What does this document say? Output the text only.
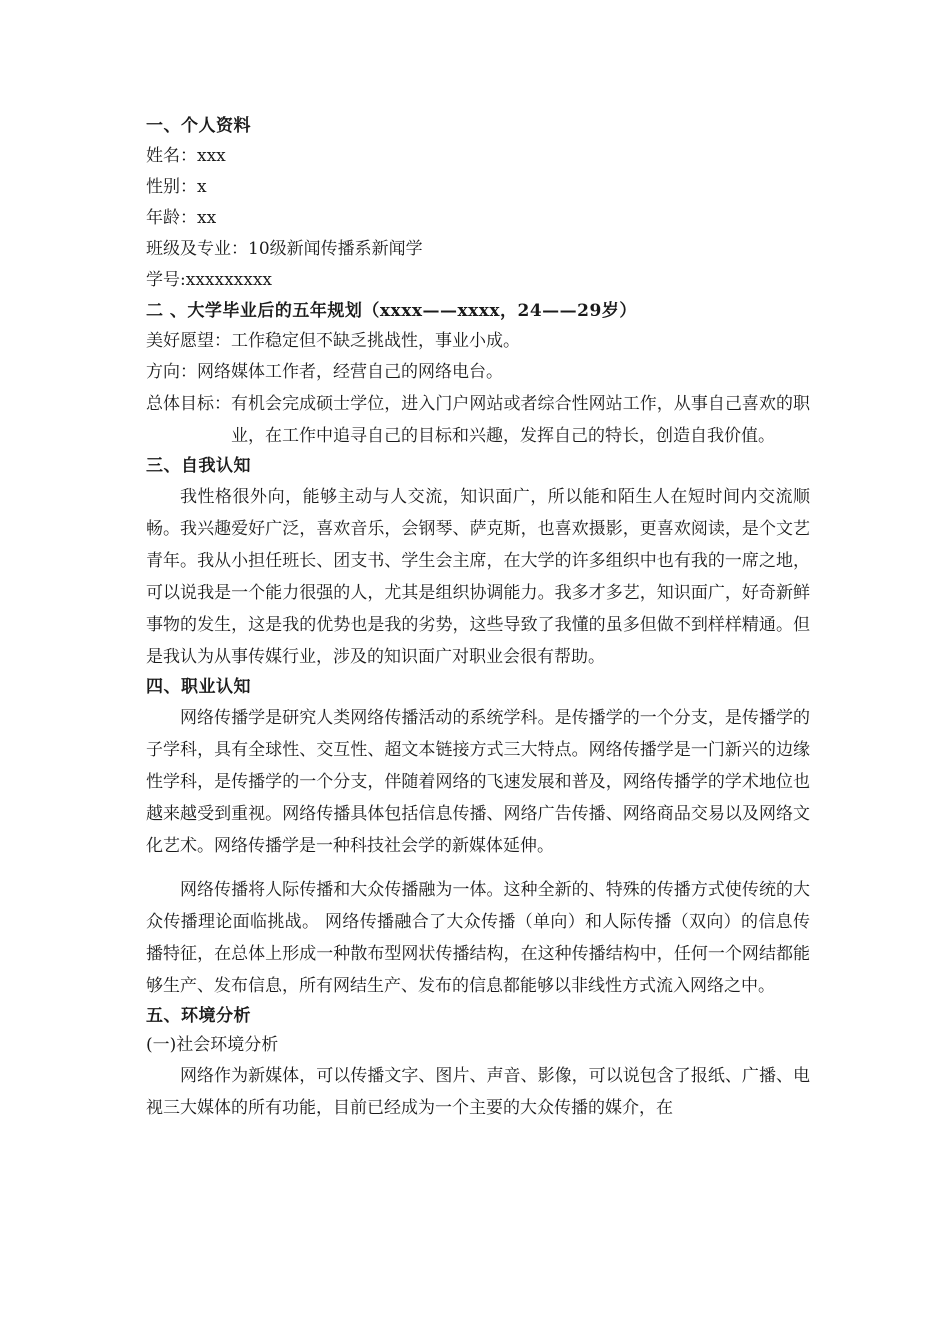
一、个人资料

姓名：xxx

性别：x

年龄：xx

班级及专业：10级新闻传播系新闻学

学号:xxxxxxxxx

二 、大学毕业后的五年规划（xxxx——xxxx，24——29岁）

美好愿望：工作稳定但不缺乏挑战性，事业小成。

方向：网络媒体工作者，经营自己的网络电台。

总体目标： 有机会完成硕士学位，进入门户网站或者综合性网站工作，从事自己喜欢的职业，在工作中追寻自己的目标和兴趣，发挥自己的特长，创造自我价值。

三、自我认知

我性格很外向，能够主动与人交流，知识面广，所以能和陌生人在短时间内交流顺畅。我兴趣爱好广泛，喜欢音乐，会钢琴、萨克斯，也喜欢摄影，更喜欢阅读，是个文艺青年。我从小担任班长、团支书、学生会主席，在大学的许多组织中也有我的一席之地，可以说我是一个能力很强的人，尤其是组织协调能力。我多才多艺，知识面广，好奇新鲜事物的发生，这是我的优势也是我的劣势，这些导致了我懂的虽多但做不到样样精通。但是我认为从事传媒行业，涉及的知识面广对职业会很有帮助。

四、职业认知

网络传播学是研究人类网络传播活动的系统学科。是传播学的一个分支，是传播学的子学科，具有全球性、交互性、超文本链接方式三大特点。网络传播学是一门新兴的边缘性学科，是传播学的一个分支，伴随着网络的飞速发展和普及，网络传播学的学术地位也越来越受到重视。网络传播具体包括信息传播、网络广告传播、网络商品交易以及网络文化艺术。网络传播学是一种科技社会学的新媒体延伸。

网络传播将人际传播和大众传播融为一体。这种全新的、特殊的传播方式使传统的大众传播理论面临挑战。 网络传播融合了大众传播（单向）和人际传播（双向）的信息传播特征，在总体上形成一种散布型网状传播结构，在这种传播结构中，任何一个网结都能够生产、发布信息，所有网结生产、发布的信息都能够以非线性方式流入网络之中。

五、环境分析

(一)社会环境分析

网络作为新媒体，可以传播文字、图片、声音、影像，可以说包含了报纸、广播、电视三大媒体的所有功能，目前已经成为一个主要的大众传播的媒介，在
